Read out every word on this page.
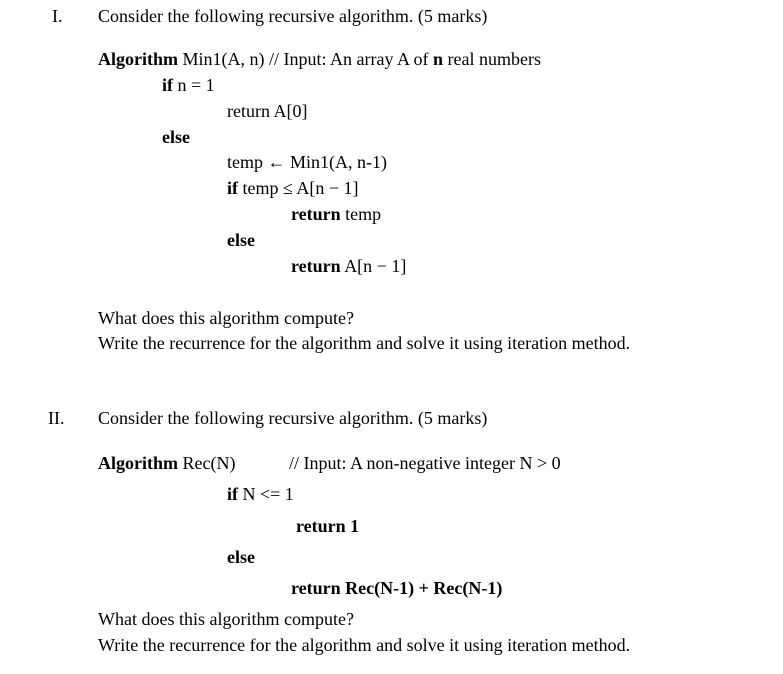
I. Consider the following recursive algorithm. (5 marks)
Algorithm Min1(A, n) // Input: An array A of n real numbers
if n = 1
return A[0]
else
temp ← Min1(A, n-1)
if temp ≤ A[n − 1]
return temp
else
return A[n − 1]
What does this algorithm compute?
Write the recurrence for the algorithm and solve it using iteration method.
II. Consider the following recursive algorithm. (5 marks)
Algorithm Rec(N)	// Input: A non-negative integer N > 0
if N <= 1
return 1
else
return Rec(N-1) + Rec(N-1)
What does this algorithm compute?
Write the recurrence for the algorithm and solve it using iteration method.
